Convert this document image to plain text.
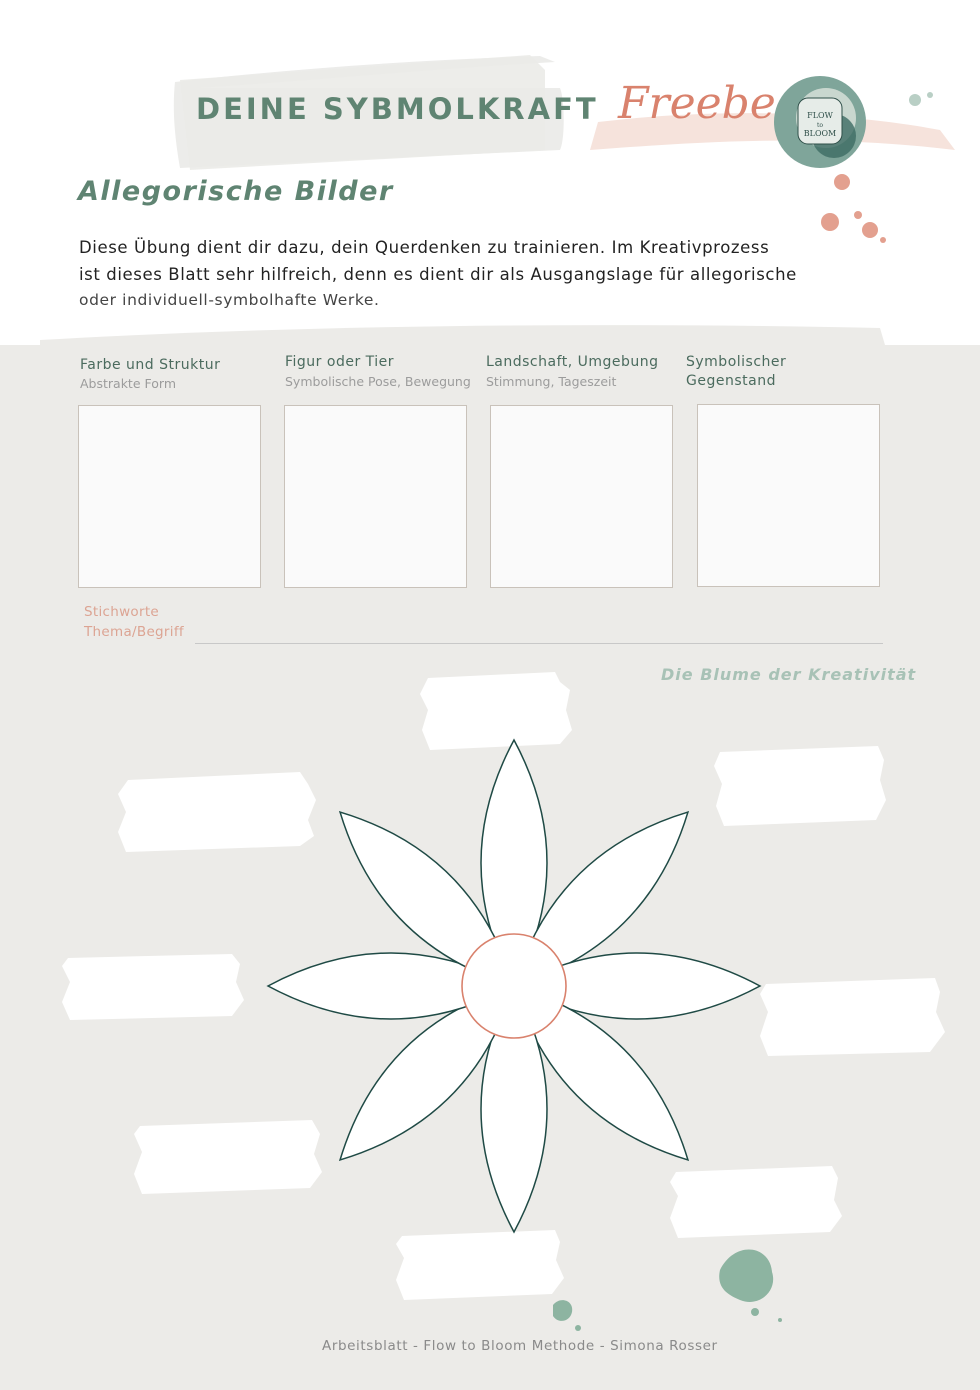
FLOW
to
BLOOM
DEINE SYBMOLKRAFT Freebe
Allegorische Bilder
Diese Übung dient dir dazu, dein Querdenken zu trainieren. Im Kreativprozess
ist dieses Blatt sehr hilfreich, denn es dient dir als Ausgangslage für allegorische
oder individuell-symbolhafte Werke.
Farbe und Struktur
Abstrakte Form
Figur oder Tier
Symbolische Pose, Bewegung
Landschaft, Umgebung
Stimmung, Tageszeit
Symbolischer
Gegenstand
Stichworte
Thema/Begriff
Die Blume der Kreativität
Arbeitsblatt - Flow to Bloom Methode - Simona Rosser
